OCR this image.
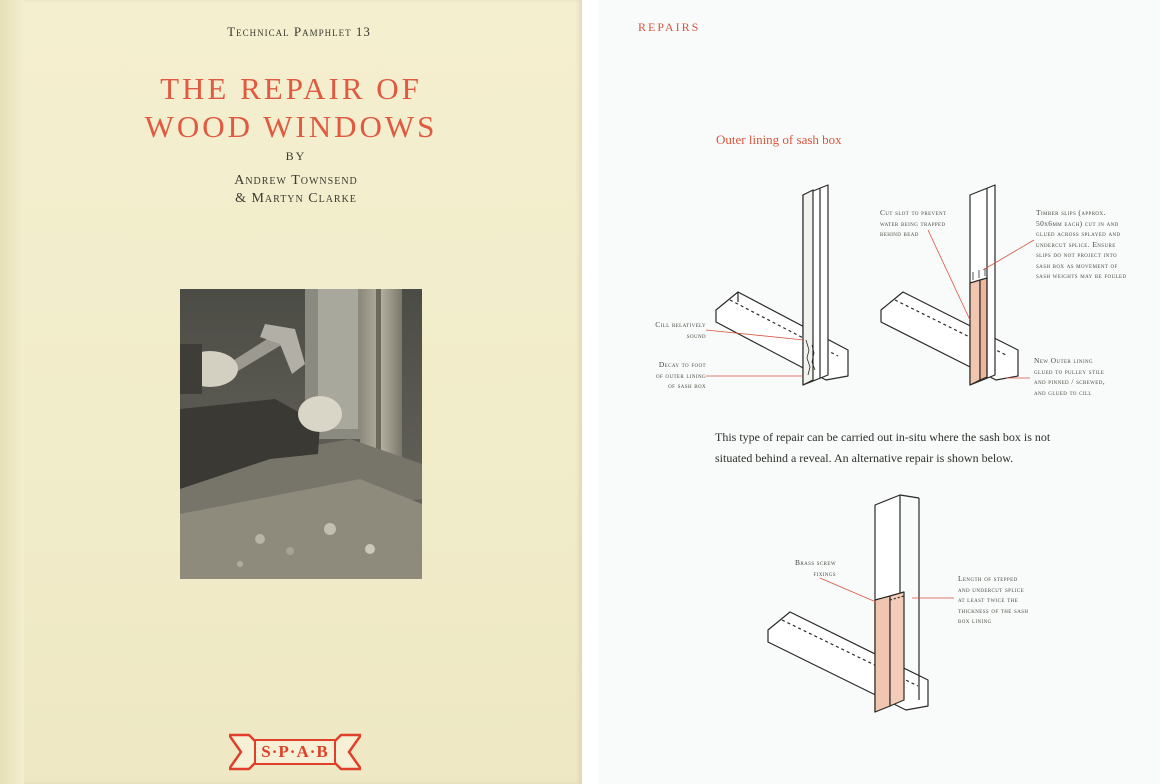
Technical Pamphlet 13
THE REPAIR OF
WOOD WINDOWS
BY
Andrew Townsend
& Martyn Clarke
S·P·A·B
REPAIRS
Outer lining of sash box
Cill relatively
sound
Decay to foot
of outer lining
of sash box
Cut slot to prevent
water being trapped
behind bead
Timber slips (approx.
50x6mm each) cut in and
glued across splayed and
undercut splice. Ensure
slips do not project into
sash box as movement of
sash weights may be fouled
New Outer lining
glued to pulley stile
and pinned / screwed,
and glued to cill
Brass screw
fixings
Length of stepped
and undercut splice
at least twice the
thickness of the sash
box lining
This type of repair can be carried out in-situ where the sash box is not situated behind a reveal. An alternative repair is shown below.
